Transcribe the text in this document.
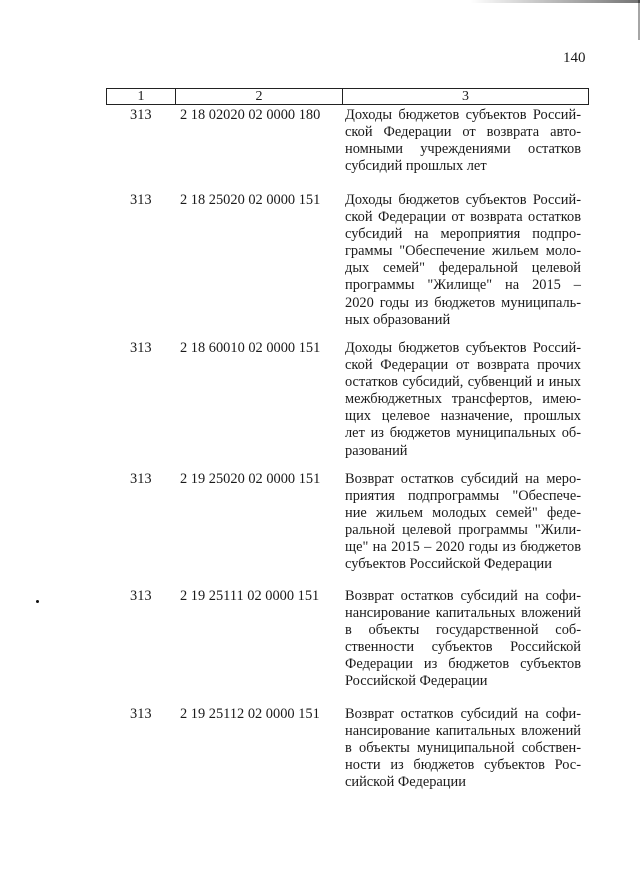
140
1	2	3
313 2 18 02020 02 0000 180 Доходы бюджетов субъектов Россий-
ской Федерации от возврата авто-
номными учреждениями остатков
субсидий прошлых лет
313 2 18 25020 02 0000 151 Доходы бюджетов субъектов Россий-
ской Федерации от возврата остатков
субсидий на мероприятия подпро-
граммы "Обеспечение жильем моло-
дых семей" федеральной целевой
программы "Жилище" на 2015 –
2020 годы из бюджетов муниципаль-
ных образований
313 2 18 60010 02 0000 151 Доходы бюджетов субъектов Россий-
ской Федерации от возврата прочих
остатков субсидий, субвенций и иных
межбюджетных трансфертов, имею-
щих целевое назначение, прошлых
лет из бюджетов муниципальных об-
разований
313 2 19 25020 02 0000 151 Возврат остатков субсидий на меро-
приятия подпрограммы "Обеспече-
ние жильем молодых семей" феде-
ральной целевой программы "Жили-
ще" на 2015 – 2020 годы из бюджетов
субъектов Российской Федерации
313 2 19 25111 02 0000 151 Возврат остатков субсидий на софи-
нансирование капитальных вложений
в объекты государственной соб-
ственности субъектов Российской
Федерации из бюджетов субъектов
Российской Федерации
313 2 19 25112 02 0000 151 Возврат остатков субсидий на софи-
нансирование капитальных вложений
в объекты муниципальной собствен-
ности из бюджетов субъектов Рос-
сийской Федерации
